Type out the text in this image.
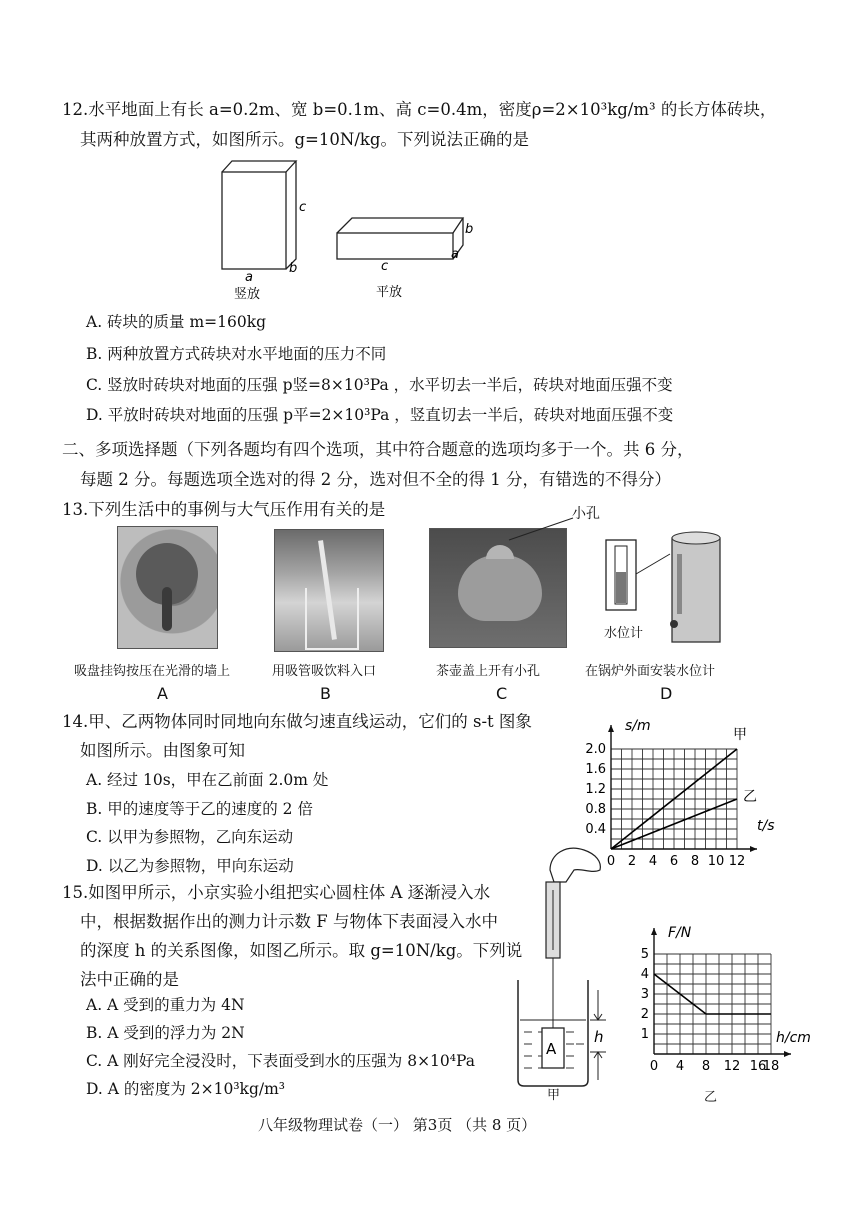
12.水平地面上有长 a=0.2m、宽 b=0.1m、高 c=0.4m，密度ρ=2×10³kg/m³ 的长方体砖块，
其两种放置方式，如图所示。g=10N/kg。下列说法正确的是
c
a
b
b
a
c
竖放	平放
A. 砖块的质量 m=160kg
B. 两种放置方式砖块对水平地面的压力不同
C. 竖放时砖块对地面的压强 p竖=8×10³Pa ，水平切去一半后，砖块对地面压强不变
D. 平放时砖块对地面的压强 p平=2×10³Pa ，竖直切去一半后，砖块对地面压强不变
二、多项选择题（下列各题均有四个选项，其中符合题意的选项均多于一个。共 6 分，
每题 2 分。每题选项全选对的得 2 分，选对但不全的得 1 分，有错选的不得分）
13.下列生活中的事例与大气压作用有关的是	小孔
水位计
吸盘挂钩按压在光滑的墙上	用吸管吸饮料入口	茶壶盖上开有小孔	在锅炉外面安装水位计
A	B	C	D
14.甲、乙两物体同时同地向东做匀速直线运动，它们的 s-t 图象
如图所示。由图象可知
A. 经过 10s，甲在乙前面 2.0m 处
B. 甲的速度等于乙的速度的 2 倍
C. 以甲为参照物，乙向东运动
D. 以乙为参照物，甲向东运动	0 2 4 6 8 10 12
0.4
0.8
1.2
1.6
2.0
t/s
s/m
甲
乙
15.如图甲所示，小京实验小组把实心圆柱体 A 逐渐浸入水
中，根据数据作出的测力计示数 F 与物体下表面浸入水中
的深度 h 的关系图像，如图乙所示。取 g=10N/kg。下列说
法中正确的是
A. A 受到的重力为 4N
B. A 受到的浮力为 2N
C. A 刚好完全浸没时，下表面受到水的压强为 8×10⁴Pa
D. A 的密度为 2×10³kg/m³
A
h
甲
0 4 8 12 16
18
1
2
3
4
5
h/cm
F/N
乙
八年级物理试卷（一） 第3页 （共 8 页）
